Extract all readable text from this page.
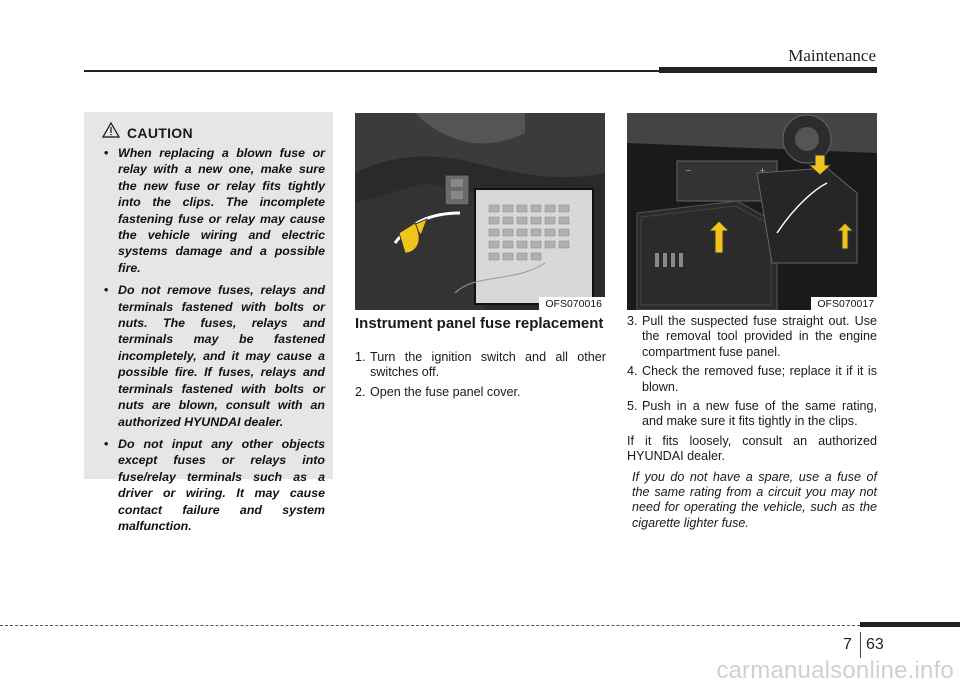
Maintenance
CAUTION
• When replacing a blown fuse or relay with a new one, make sure the new fuse or relay fits tightly into the clips. The incomplete fastening fuse or relay may cause the vehicle wiring and electric systems damage and a possible fire.
• Do not remove fuses, relays and terminals fastened with bolts or nuts. The fuses, relays and terminals may be fastened incompletely, and it may cause a possible fire. If fuses, relays and terminals fastened with bolts or nuts are blown, consult with an authorized HYUNDAI dealer.
• Do not input any other objects except fuses or relays into fuse/relay terminals such as a driver or wiring. It may cause contact failure and system malfunction.
OFS070016
−	+
OFS070017
Instrument panel fuse replacement
1. Turn the ignition switch and all other switches off.
2. Open the fuse panel cover.
3. Pull the suspected fuse straight out. Use the removal tool provided in the engine compartment fuse panel.
4. Check the removed fuse; replace it if it is blown.
5. Push in a new fuse of the same rating, and make sure it fits tightly in the clips.

If it fits loosely, consult an authorized HYUNDAI dealer.

If you do not have a spare, use a fuse of the same rating from a circuit you may not need for operating the vehicle, such as the cigarette lighter fuse.

7 63
carmanualsonline.info
